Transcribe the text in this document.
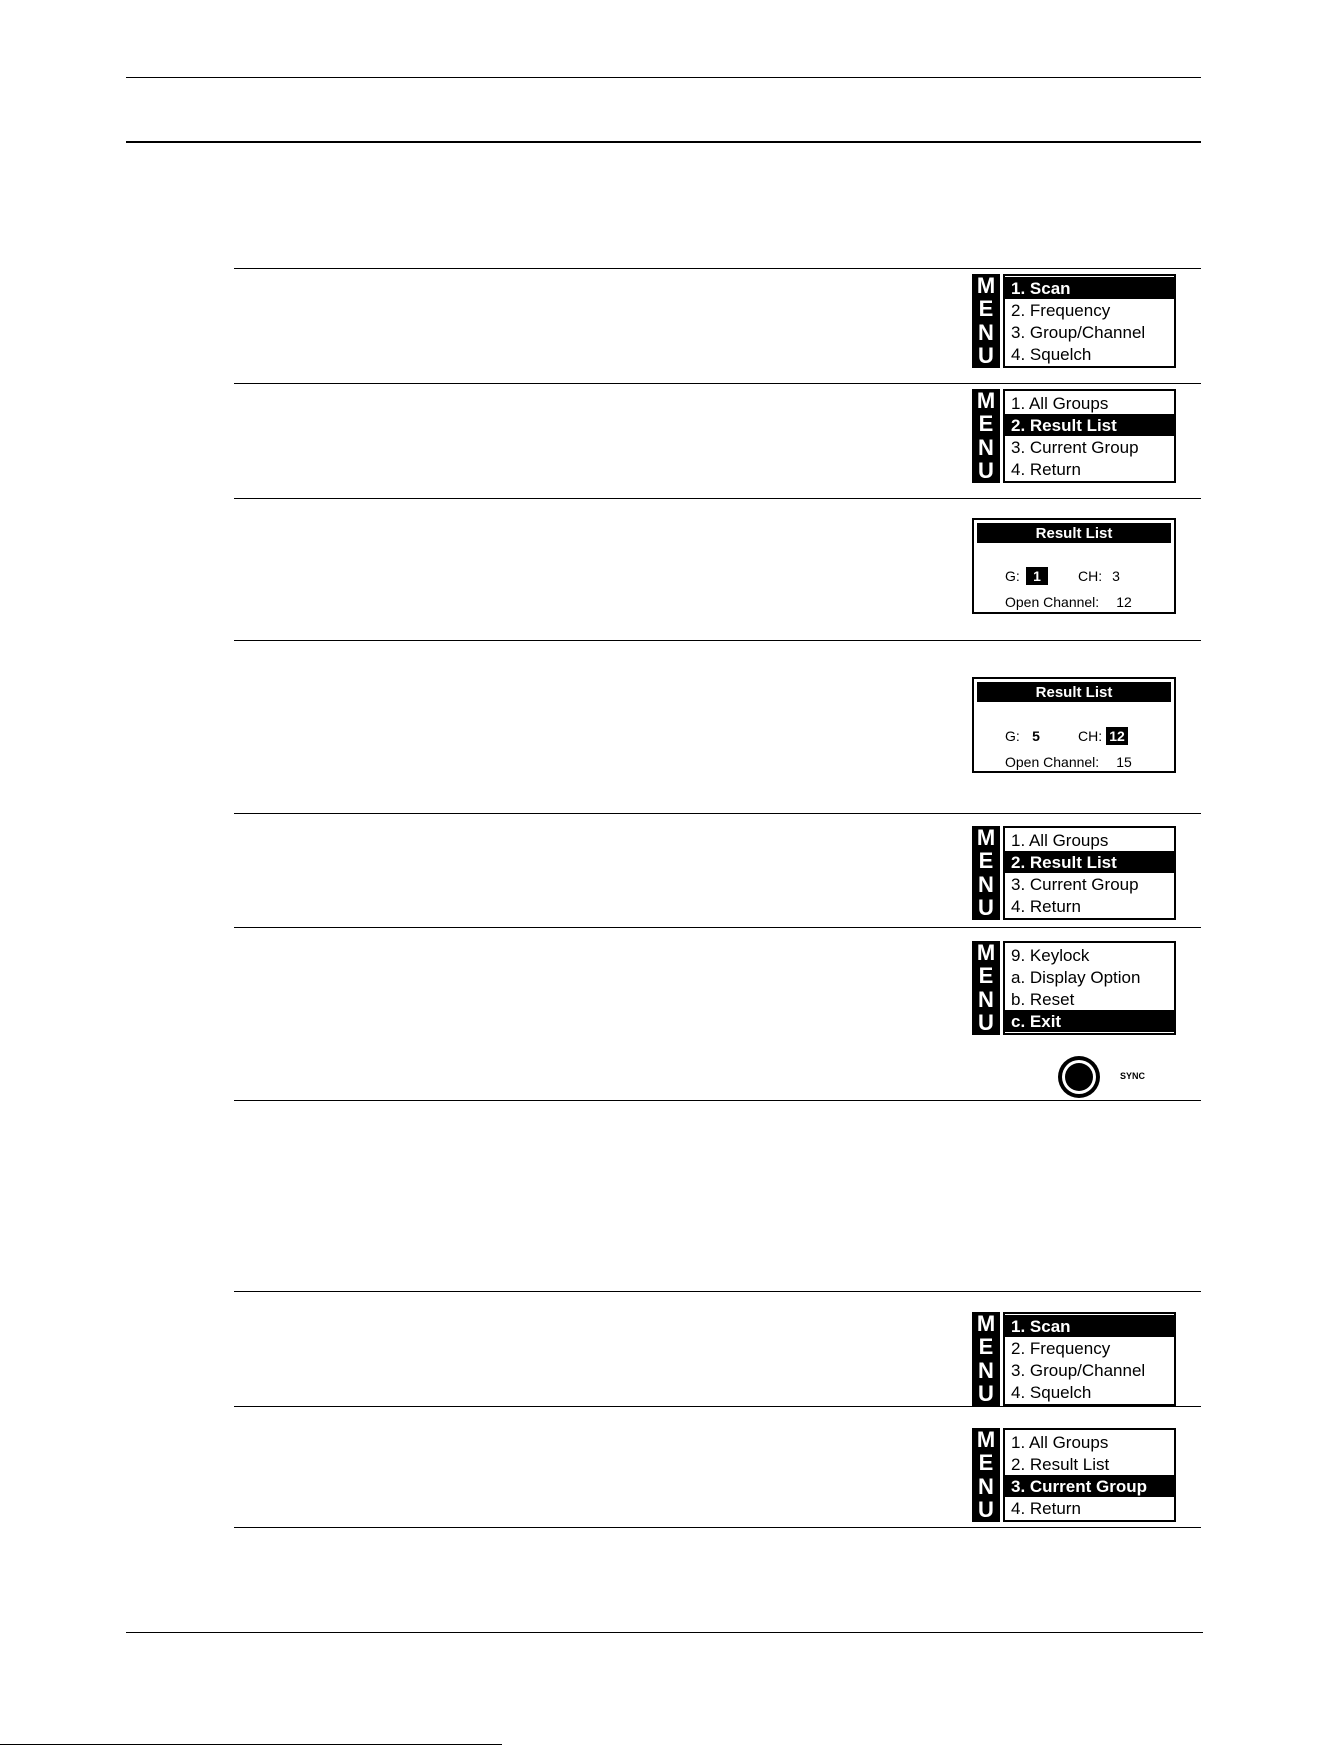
M
E
N
U
1. Scan
2. Frequency
3. Group/Channel
4. Squelch
M
E
N
U
1. All Groups
2. Result List
3. Current Group
4. Return
Result List
G: 1	CH: 3
Open Channel:	12
Result List
G: 5	CH: 12
Open Channel:	15
M
E
N
U
1. All Groups
2. Result List
3. Current Group
4. Return
M
E
N
U
9. Keylock
a. Display Option
b. Reset
c. Exit
SYNC
M
E
N
U
1. Scan
2. Frequency
3. Group/Channel
4. Squelch
M
E
N
U
1. All Groups
2. Result List
3. Current Group
4. Return
